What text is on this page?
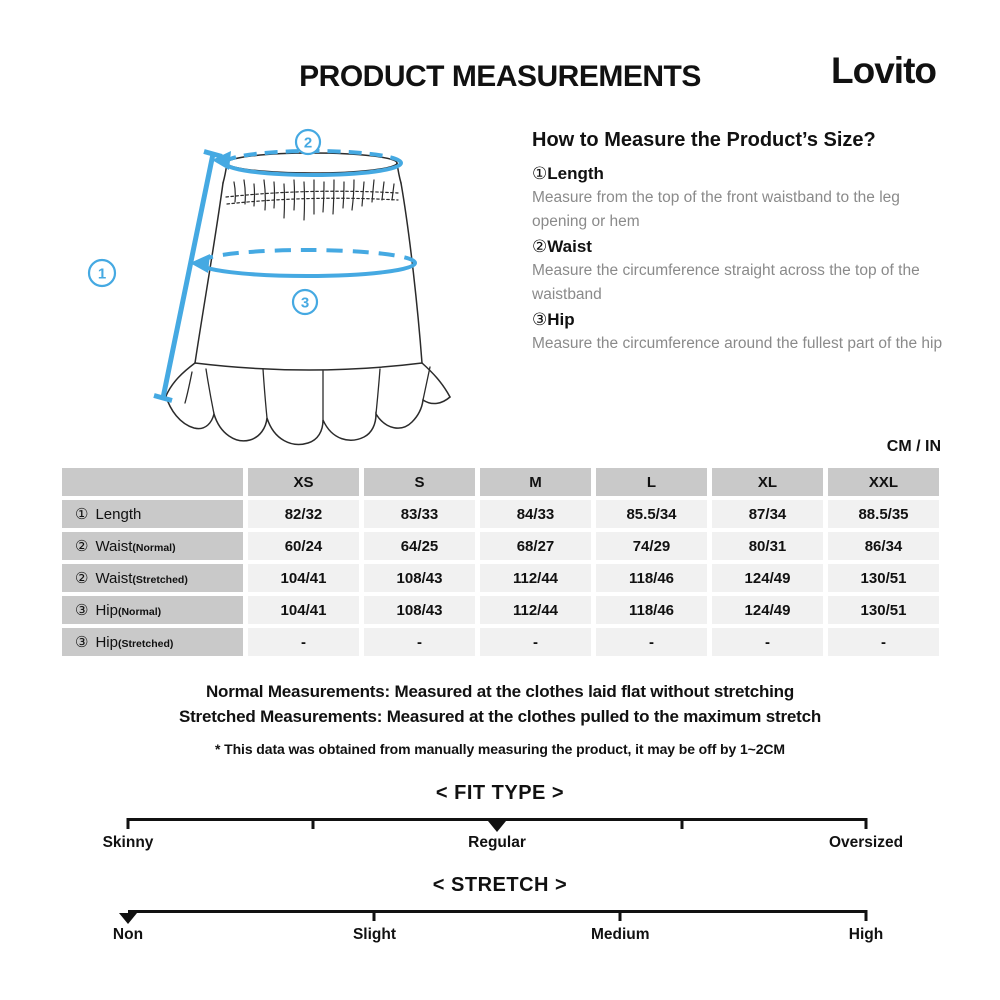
PRODUCT MEASUREMENTS	Lovito
1
2
3
How to Measure the Product’s Size?
①Length
Measure from the top of the front waistband to the leg opening or hem
②Waist
Measure the circumference straight across the top of the waistband
③Hip
Measure the circumference around the fullest part of the hip
CM / IN
XS	S	M	L	XL	XXL
① Length	82/32	83/33	84/33	85.5/34	87/34	88.5/35
② Waist (Normal)	60/24	64/25	68/27	74/29	80/31	86/34
② Waist (Stretched)	104/41	108/43	112/44	118/46	124/49	130/51
③ Hip (Normal)	104/41	108/43	112/44	118/46	124/49	130/51
③ Hip (Stretched)	-	-	-	-	-	-
Normal Measurements: Measured at the clothes laid flat without stretching
Stretched Measurements: Measured at the clothes pulled to the maximum stretch
* This data was obtained from manually measuring the product, it may be off by 1~2CM
< FIT TYPE >
Skinny	Regular	Oversized
< STRETCH >
Non	Slight	Medium	High
